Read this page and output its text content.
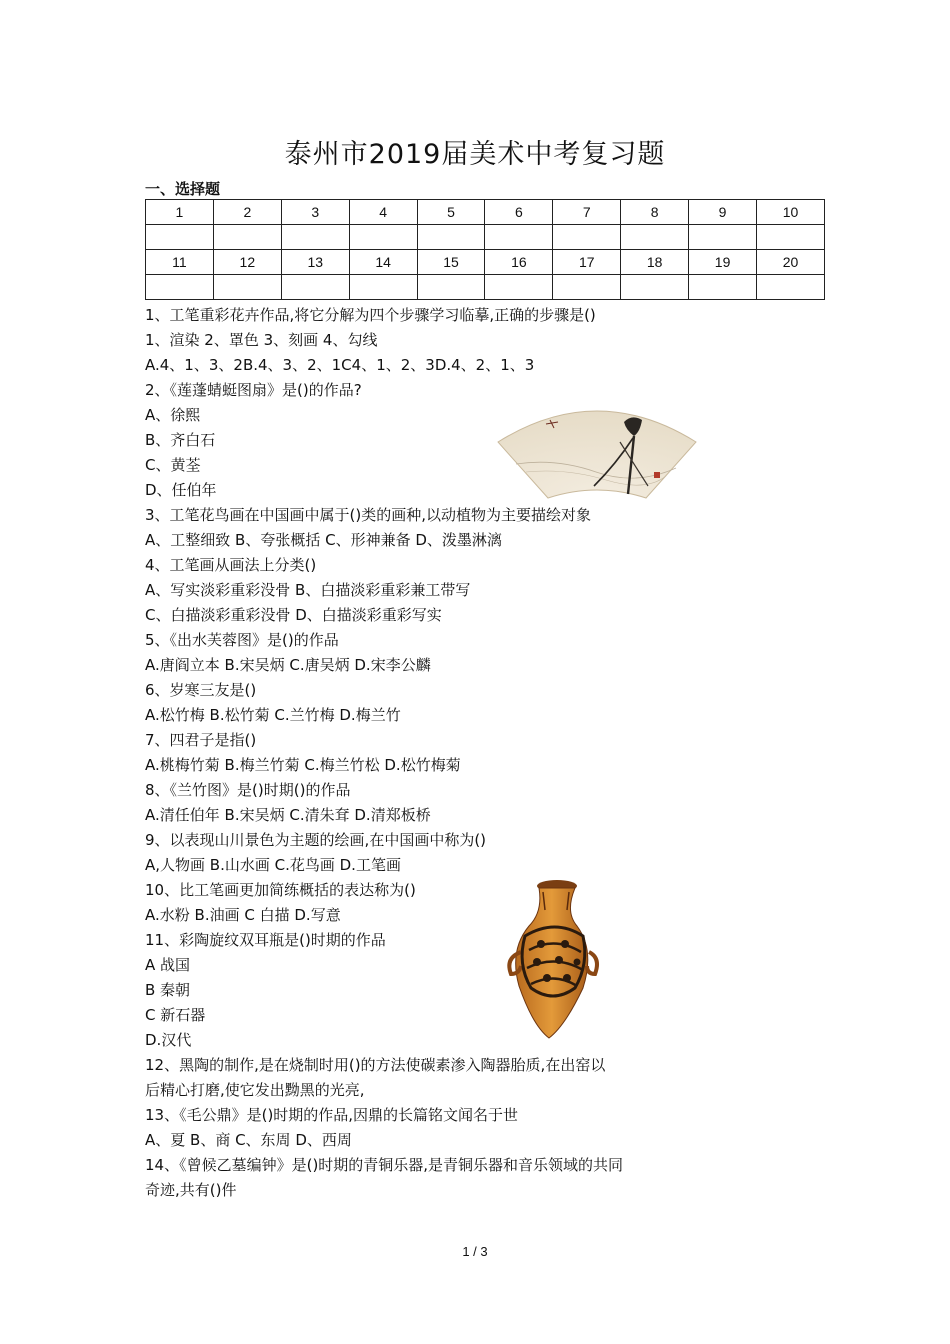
泰州市2019届美术中考复习题
一、选择题
1	2	3	4	5	6	7	8	9	10

11	12	13	14	15	16	17	18	19	20

1、工笔重彩花卉作品,将它分解为四个步骤学习临摹,正确的步骤是()
1、渲染 2、罩色 3、刻画 4、勾线
A.4、1、3、2B.4、3、2、1C4、1、2、3D.4、2、1、3
2、《莲蓬蜻蜓图扇》是()的作品?
A、徐熙
B、齐白石
C、黄荃
D、任伯年
3、工笔花鸟画在中国画中属于()类的画种,以动植物为主要描绘对象
A、工整细致 B、夸张概括 C、形神兼备 D、泼墨淋漓
4、工笔画从画法上分类()
A、写实淡彩重彩没骨 B、白描淡彩重彩兼工带写
C、白描淡彩重彩没骨 D、白描淡彩重彩写实
5、《出水芙蓉图》是()的作品
A.唐阎立本 B.宋吴炳 C.唐吴炳 D.宋李公麟
6、岁寒三友是()
A.松竹梅 B.松竹菊 C.兰竹梅 D.梅兰竹
7、四君子是指()
A.桃梅竹菊 B.梅兰竹菊 C.梅兰竹松 D.松竹梅菊
8、《兰竹图》是()时期()的作品
A.清任伯年 B.宋吴炳 C.清朱耷 D.清郑板桥
9、以表现山川景色为主题的绘画,在中国画中称为()
A,人物画 B.山水画 C.花鸟画 D.工笔画
10、比工笔画更加简练概括的表达称为()
A.水粉 B.油画 C 白描 D.写意
11、彩陶旋纹双耳瓶是()时期的作品
A 战国
B 秦朝
C 新石器
D.汉代
12、黑陶的制作,是在烧制时用()的方法使碳素渗入陶器胎质,在出窑以
后精心打磨,使它发出黝黑的光亮,
13、《毛公鼎》是()时期的作品,因鼎的长篇铭文闻名于世
A、夏 B、商 C、东周 D、西周
14、《曾候乙墓编钟》是()时期的青铜乐器,是青铜乐器和音乐领域的共同
奇迹,共有()件
1 / 3
